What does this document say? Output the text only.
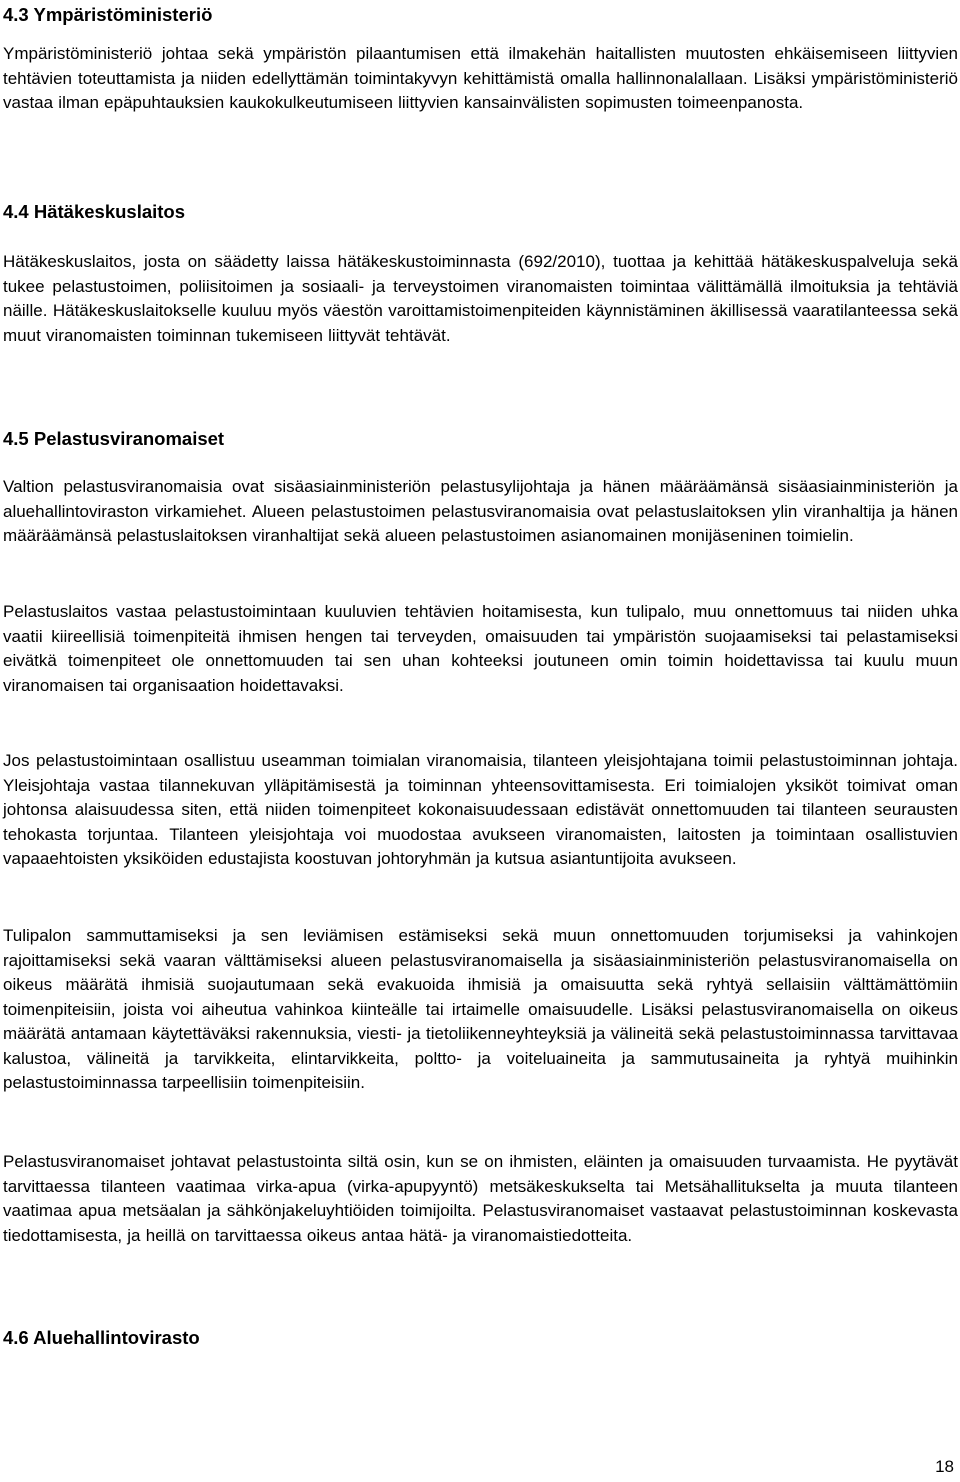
4.3 Ympäristöministeriö

Ympäristöministeriö johtaa sekä ympäristön pilaantumisen että ilmakehän haitallisten muutosten ehkäisemiseen liittyvien tehtävien toteuttamista ja niiden edellyttämän toimintakyvyn kehittämistä omalla hallinnonalallaan. Lisäksi ympäristöministeriö vastaa ilman epäpuhtauksien kaukokulkeutumiseen liittyvien kansainvälisten sopimusten toimeenpanosta.

4.4 Hätäkeskuslaitos

Hätäkeskuslaitos, josta on säädetty laissa hätäkeskustoiminnasta (692/2010), tuottaa ja kehittää hätäkeskuspalveluja sekä tukee pelastustoimen, poliisitoimen ja sosiaali- ja terveystoimen viranomaisten toimintaa välittämällä ilmoituksia ja tehtäviä näille. Hätäkeskuslaitokselle kuuluu myös väestön varoittamistoimenpiteiden käynnistäminen äkillisessä vaaratilanteessa sekä muut viranomaisten toiminnan tukemiseen liittyvät tehtävät.

4.5 Pelastusviranomaiset

Valtion pelastusviranomaisia ovat sisäasiainministeriön pelastusylijohtaja ja hänen määräämänsä sisäasiainministeriön ja aluehallintoviraston virkamiehet. Alueen pelastustoimen pelastusviranomaisia ovat pelastuslaitoksen ylin viranhaltija ja hänen määräämänsä pelastuslaitoksen viranhaltijat sekä alueen pelastustoimen asianomainen monijäseninen toimielin.

Pelastuslaitos vastaa pelastustoimintaan kuuluvien tehtävien hoitamisesta, kun tulipalo, muu onnettomuus tai niiden uhka vaatii kiireellisiä toimenpiteitä ihmisen hengen tai terveyden, omaisuuden tai ympäristön suojaamiseksi tai pelastamiseksi eivätkä toimenpiteet ole onnettomuuden tai sen uhan kohteeksi joutuneen omin toimin hoidettavissa tai kuulu muun viranomaisen tai organisaation hoidettavaksi.

Jos pelastustoimintaan osallistuu useamman toimialan viranomaisia, tilanteen yleisjohtajana toimii pelastustoiminnan johtaja. Yleisjohtaja vastaa tilannekuvan ylläpitämisestä ja toiminnan yhteensovittamisesta. Eri toimialojen yksiköt toimivat oman johtonsa alaisuudessa siten, että niiden toimenpiteet kokonaisuudessaan edistävät onnettomuuden tai tilanteen seurausten tehokasta torjuntaa. Tilanteen yleisjohtaja voi muodostaa avukseen viranomaisten, laitosten ja toimintaan osallistuvien vapaaehtoisten yksiköiden edustajista koostuvan johtoryhmän ja kutsua asiantuntijoita avukseen.

Tulipalon sammuttamiseksi ja sen leviämisen estämiseksi sekä muun onnettomuuden torjumiseksi ja vahinkojen rajoittamiseksi sekä vaaran välttämiseksi alueen pelastusviranomaisella ja sisäasiainministeriön pelastusviranomaisella on oikeus määrätä ihmisiä suojautumaan sekä evakuoida ihmisiä ja omaisuutta sekä ryhtyä sellaisiin välttämättömiin toimenpiteisiin, joista voi aiheutua vahinkoa kiinteälle tai irtaimelle omaisuudelle. Lisäksi pelastusviranomaisella on oikeus määrätä antamaan käytettäväksi rakennuksia, viesti- ja tietoliikenneyhteyksiä ja välineitä sekä pelastustoiminnassa tarvittavaa kalustoa, välineitä ja tarvikkeita, elintarvikkeita, poltto- ja voiteluaineita ja sammutusaineita ja ryhtyä muihinkin pelastustoiminnassa tarpeellisiin toimenpiteisiin.

Pelastusviranomaiset johtavat pelastustointa siltä osin, kun se on ihmisten, eläinten ja omaisuuden turvaamista. He pyytävät tarvittaessa tilanteen vaatimaa virka-apua (virka-apupyyntö) metsäkeskukselta tai Metsähallitukselta ja muuta tilanteen vaatimaa apua metsäalan ja sähkönjakeluyhtiöiden toimijoilta. Pelastusviranomaiset vastaavat pelastustoiminnan koskevasta tiedottamisesta, ja heillä on tarvittaessa oikeus antaa hätä- ja viranomaistiedotteita.

4.6 Aluehallintovirasto
18
